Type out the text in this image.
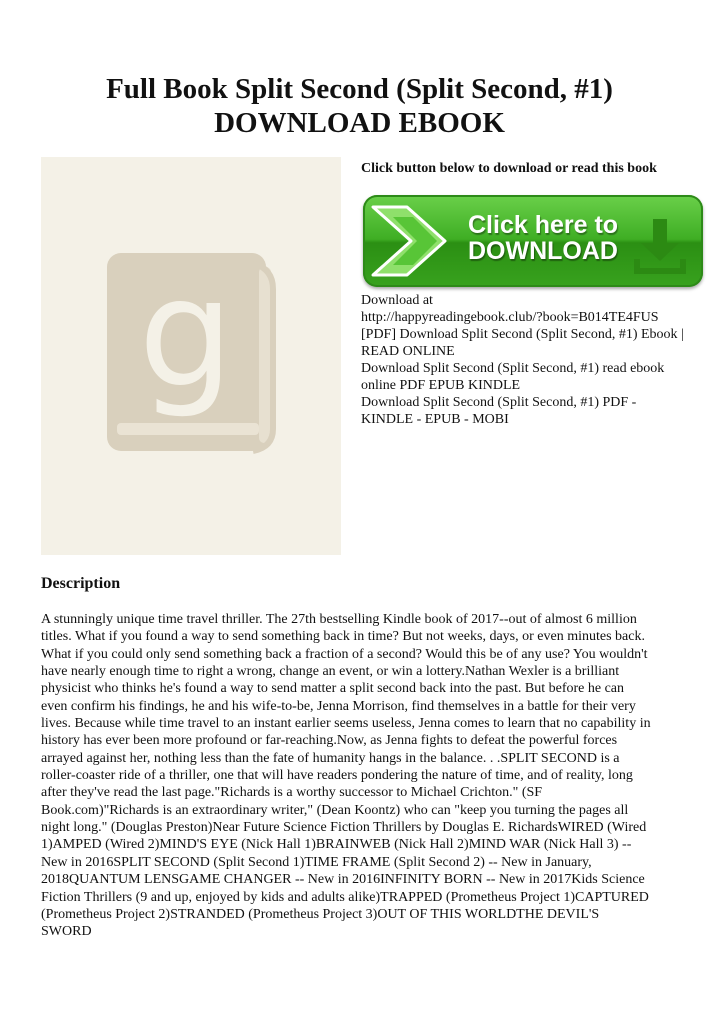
Full Book Split Second (Split Second, #1)
DOWNLOAD EBOOK
g
Click button below to download or read this book
Click here to
DOWNLOAD
Download at
http://happyreadingebook.club/?book=B014TE4FUS
[PDF] Download Split Second (Split Second, #1) Ebook |
READ ONLINE
Download Split Second (Split Second, #1) read ebook
online PDF EPUB KINDLE
Download Split Second (Split Second, #1) PDF -
KINDLE - EPUB - MOBI
Description
A stunningly unique time travel thriller. The 27th bestselling Kindle book of 2017--out of almost 6 million
titles. What if you found a way to send something back in time? But not weeks, days, or even minutes back.
What if you could only send something back a fraction of a second? Would this be of any use? You wouldn't
have nearly enough time to right a wrong, change an event, or win a lottery.Nathan Wexler is a brilliant
physicist who thinks he's found a way to send matter a split second back into the past. But before he can
even confirm his findings, he and his wife-to-be, Jenna Morrison, find themselves in a battle for their very
lives. Because while time travel to an instant earlier seems useless, Jenna comes to learn that no capability in
history has ever been more profound or far-reaching.Now, as Jenna fights to defeat the powerful forces
arrayed against her, nothing less than the fate of humanity hangs in the balance. . .SPLIT SECOND is a
roller-coaster ride of a thriller, one that will have readers pondering the nature of time, and of reality, long
after they've read the last page."Richards is a worthy successor to Michael Crichton." (SF
Book.com)"Richards is an extraordinary writer," (Dean Koontz) who can "keep you turning the pages all
night long." (Douglas Preston)Near Future Science Fiction Thrillers by Douglas E. RichardsWIRED (Wired
1)AMPED (Wired 2)MIND'S EYE (Nick Hall 1)BRAINWEB (Nick Hall 2)MIND WAR (Nick Hall 3) --
New in 2016SPLIT SECOND (Split Second 1)TIME FRAME (Split Second 2) -- New in January,
2018QUANTUM LENSGAME CHANGER -- New in 2016INFINITY BORN -- New in 2017Kids Science
Fiction Thrillers (9 and up, enjoyed by kids and adults alike)TRAPPED (Prometheus Project 1)CAPTURED
(Prometheus Project 2)STRANDED (Prometheus Project 3)OUT OF THIS WORLDTHE DEVIL'S
SWORD
